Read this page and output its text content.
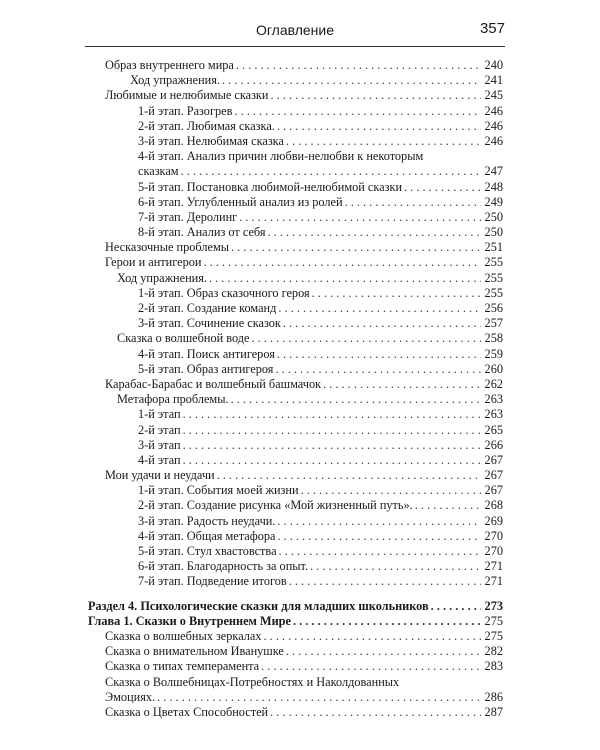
Оглавление	357
Образ внутреннего мира . . .	240
Ход упражнения. . . .	241
Любимые и нелюбимые сказки . . .	245
1-й этап. Разогрев . . .	246
2-й этап. Любимая сказка. . . .	246
3-й этап. Нелюбимая сказка . . .	246
4-й этап. Анализ причин любви-нелюбви к некоторым
сказкам . . .	247
5-й этап. Постановка любимой-нелюбимой сказки . . .	248
6-й этап. Углубленный анализ из ролей . . .	249
7-й этап. Деролинг . . .	250
8-й этап. Анализ от себя . . .	250
Несказочные проблемы . . .	251
Герои и антигерои . . .	255
Ход упражнения. . . .	255
1-й этап. Образ сказочного героя . . .	255
2-й этап. Создание команд . . .	256
3-й этап. Сочинение сказок . . .	257
Сказка о волшебной воде . . .	258
4-й этап. Поиск антигероя . . .	259
5-й этап. Образ антигероя . . .	260
Карабас-Барабас и волшебный башмачок . . .	262
Метафора проблемы. . . .	263
1-й этап . . .	263
2-й этап . . .	265
3-й этап . . .	266
4-й этап . . .	267
Мои удачи и неудачи . . .	267
1-й этап. События моей жизни . . .	267
2-й этап. Создание рисунка «Мой жизненный путь». . . .	268
3-й этап. Радость неудачи. . . .	269
4-й этап. Общая метафора . . .	270
5-й этап. Стул хвастовства . . .	270
6-й этап. Благодарность за опыт. . . .	271
7-й этап. Подведение итогов . . .	271
Раздел 4. Психологические сказки для младших школьников . . .	273
Глава 1. Сказки о Внутреннем Мире . . .	275
Сказка о волшебных зеркалах . . .	275
Сказка о внимательном Иванушке . . .	282
Сказка о типах темперамента . . .	283
Сказка о Волшебницах-Потребностях и Наколдованных
Эмоциях. . . .	286
Сказка о Цветах Способностей . . .	287
